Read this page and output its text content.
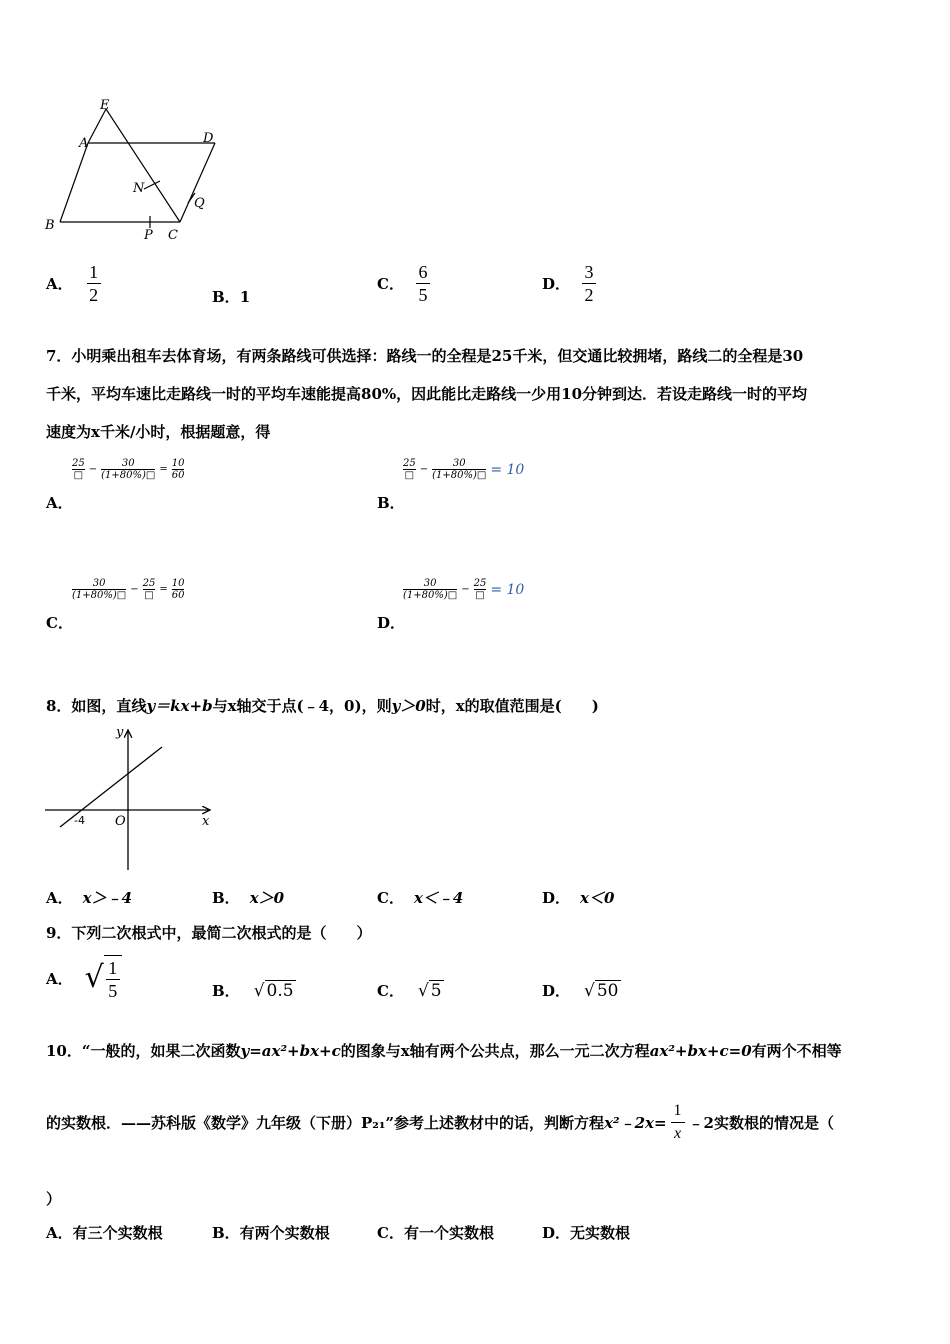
E
A	D
N
Q
B
P C
A． $\frac{1}{2}$	B．1
C． $\frac{6}{5}$	D． $\frac{3}{2}$
7．小明乘出租车去体育场，有两条路线可供选择：路线一的全程是25千米，但交通比较拥堵，路线二的全程是30
千米，平均车速比走路线一时的平均车速能提高80%，因此能比走路线一少用10分钟到达．若设走路线一时的平均
速度为x千米/小时，根据题意，得
25
□
−
30
(1+80%)□
=
10
60
A．
25
□
−
30
(1+80%)□ = 10
B．
30
(1+80%)□
−
25
□
=
10
60
C．
30
(1+80%)□
−
25
□ = 10
D．
8．如图，直线y＝kx+b与x轴交于点(﹣4，0)，则y＞0时，x的取值范围是(　　)
y
x
O
-4
A． x＞﹣4	B． x＞0	C． x＜﹣4	D． x＜0
9．下列二次根式中，最简二次根式的是（　　）
A． √ $\frac{1}{5}$	B． √ 0.5	C． √ 5	D． √ 50
10．“一般的，如果二次函数y=ax²+bx+c的图象与x轴有两个公共点，那么一元二次方程ax²+bx+c=0有两个不相等
的实数根．——苏科版《数学》九年级（下册）P₂₁”参考上述教材中的话，判断方程 x²﹣2x= $\frac{1}{x}$ ﹣2实数根的情况是（
）
A．有三个实数根	B．有两个实数根	C．有一个实数根	D．无实数根
